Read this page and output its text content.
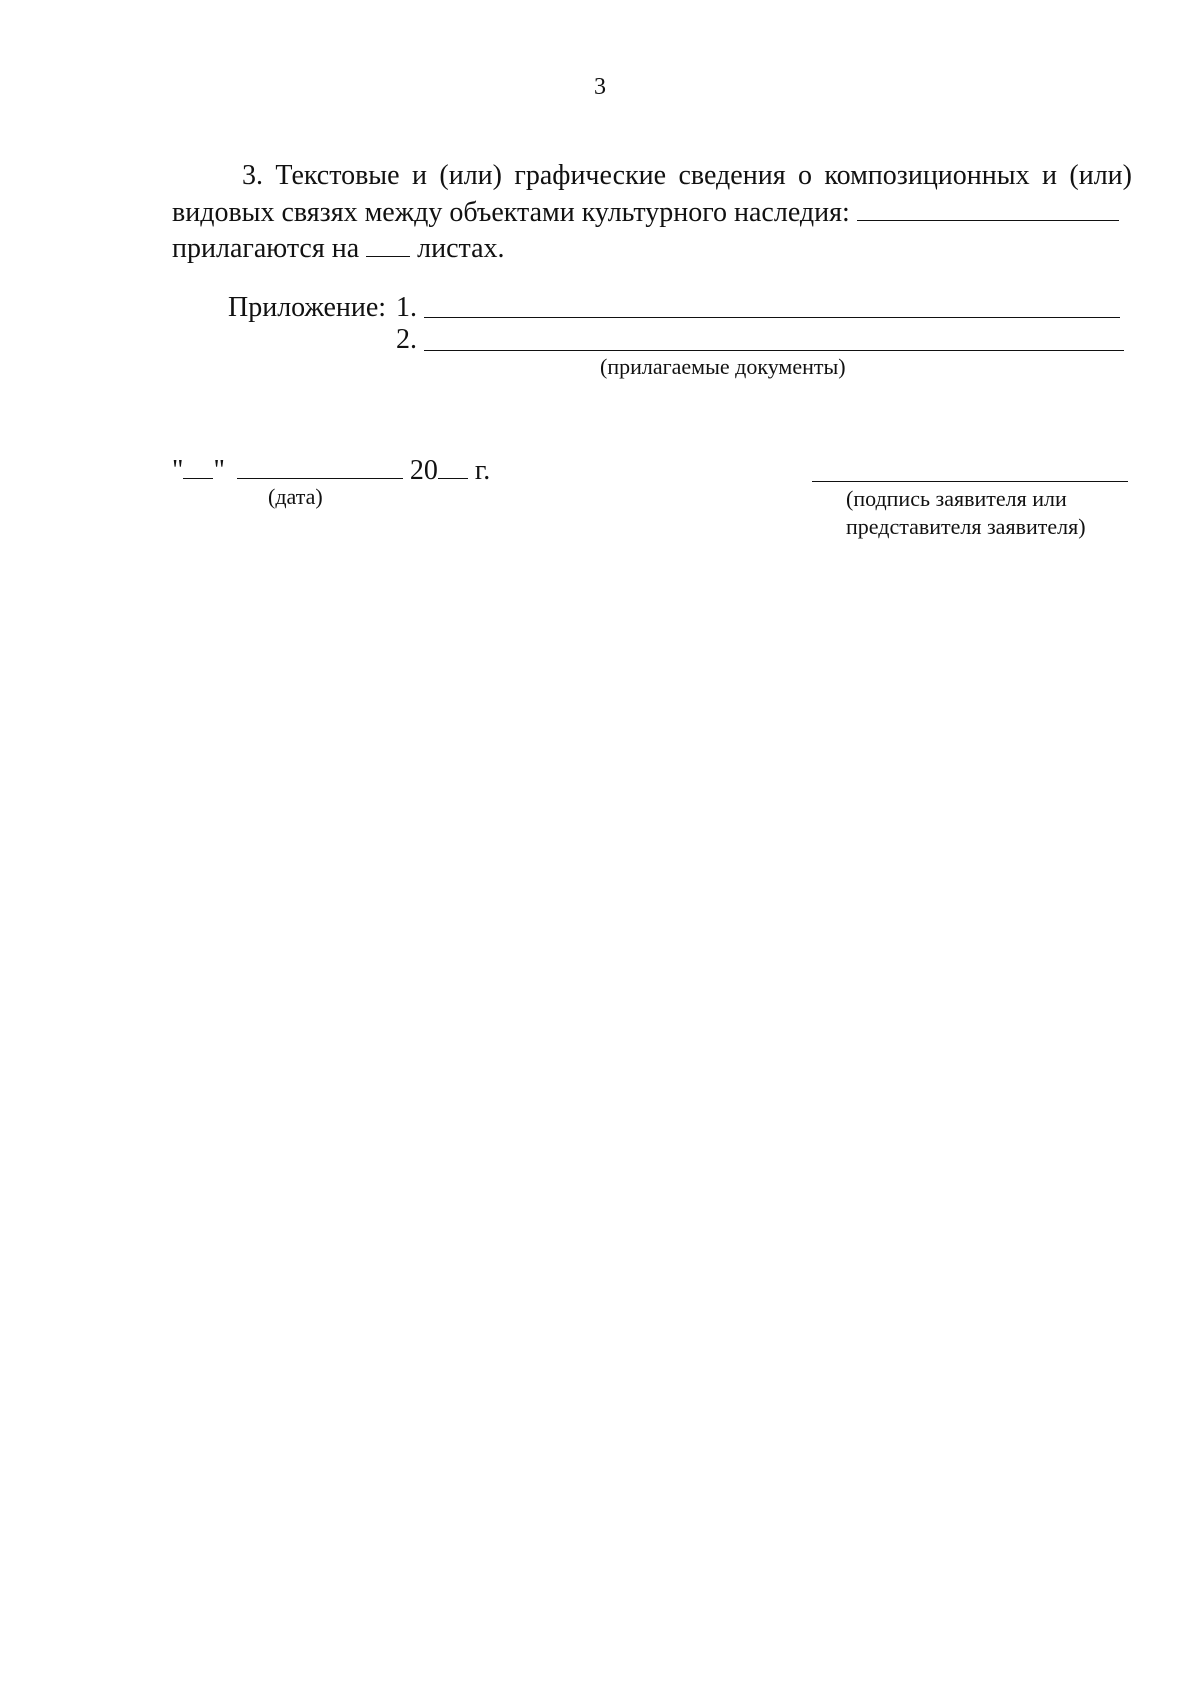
3
3. Текстовые и (или) графические сведения о композиционных и (или)
видовых связях между объектами культурного наследия:
прилагаются на листах.
Приложение: 1.
2.
(прилагаемые документы)
" "	20 г.
(дата)	(подпись заявителя или
представителя заявителя)
